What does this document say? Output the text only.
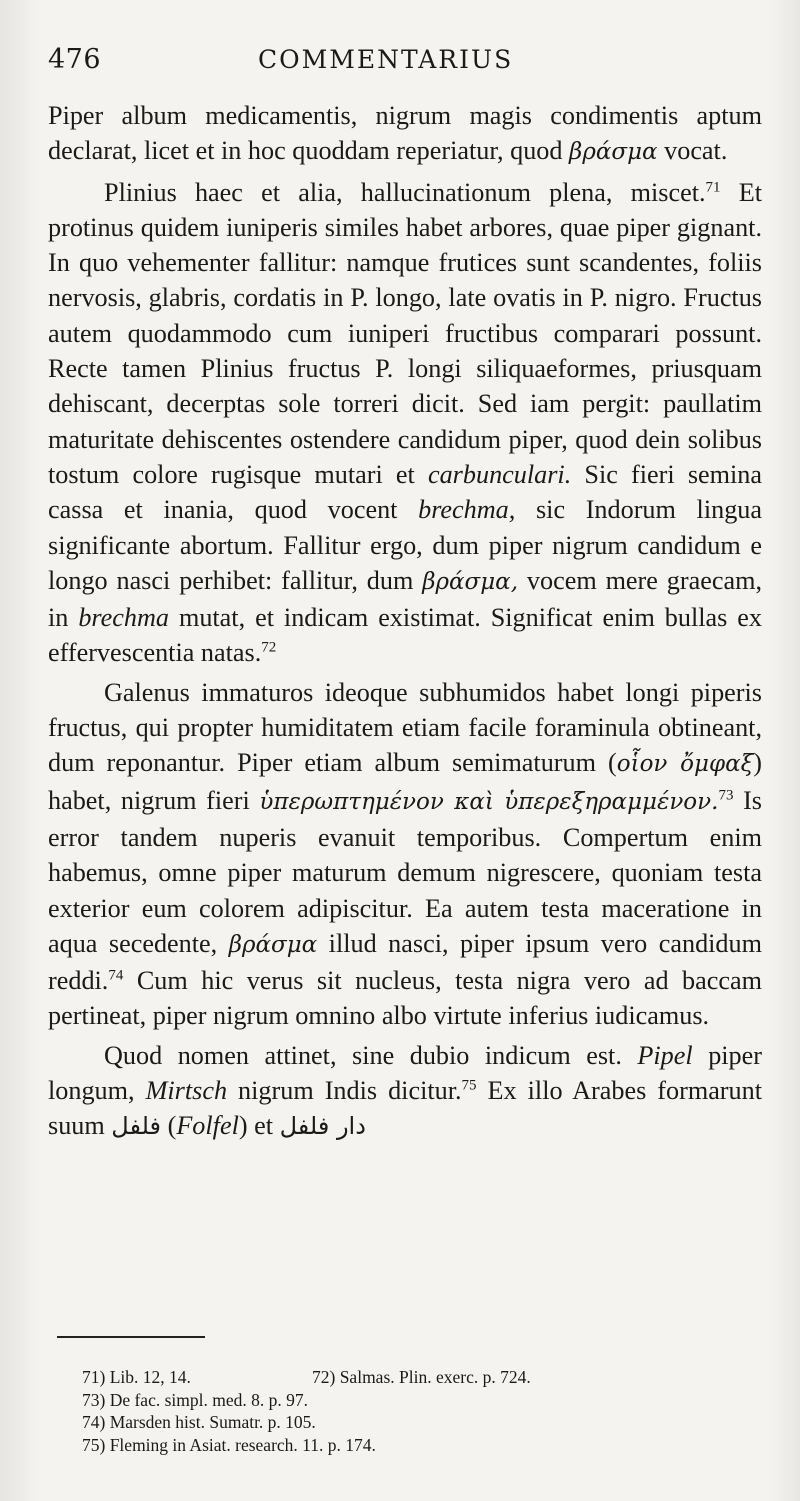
476	COMMENTARIUS

Piper album medicamentis, nigrum magis condimentis aptum declarat, licet et in hoc quoddam reperiatur, quod βράσμα vocat.

Plinius haec et alia, hallucinationum plena, miscet.$^{71}$ Et protinus quidem iuniperis similes habet arbores, quae piper gignant. In quo vehementer fallitur: namque frutices sunt scandentes, foliis nervosis, glabris, cordatis in P. longo, late ovatis in P. nigro. Fructus autem quodammodo cum iuniperi fructibus comparari possunt. Recte tamen Plinius fructus P. longi siliquaeformes, priusquam dehiscant, decerptas sole torreri dicit. Sed iam pergit: paullatim maturitate dehiscentes ostendere candidum piper, quod dein solibus tostum colore rugisque mutari et carbunculari. Sic fieri semina cassa et inania, quod vocent brechma, sic Indorum lingua significante abortum. Fallitur ergo, dum piper nigrum candidum e longo nasci perhibet: fallitur, dum βράσμα, vocem mere graecam, in brechma mutat, et indicam existimat. Significat enim bullas ex effervescentia natas.$^{72}$

Galenus immaturos ideoque subhumidos habet longi piperis fructus, qui propter humiditatem etiam facile foraminula obtineant, dum reponantur. Piper etiam album semimaturum (οἷον ὄμφαξ) habet, nigrum fieri ὑπερωπτημένον καὶ ὑπερεξηραμμένον.$^{73}$ Is error tandem nuperis evanuit temporibus. Compertum enim habemus, omne piper maturum demum nigrescere, quoniam testa exterior eum colorem adipiscitur. Ea autem testa maceratione in aqua secedente, βράσμα illud nasci, piper ipsum vero candidum reddi.$^{74}$ Cum hic verus sit nucleus, testa nigra vero ad baccam pertineat, piper nigrum omnino albo virtute inferius iudicamus.

Quod nomen attinet, sine dubio indicum est. Pipel piper longum, Mirtsch nigrum Indis dicitur.$^{75}$ Ex illo Arabes formarunt suum فلفل (Folfel) et دار فلفل

71) Lib. 12, 14.	72) Salmas. Plin. exerc. p. 724.
73) De fac. simpl. med. 8. p. 97.
74) Marsden hist. Sumatr. p. 105.
75) Fleming in Asiat. research. 11. p. 174.
